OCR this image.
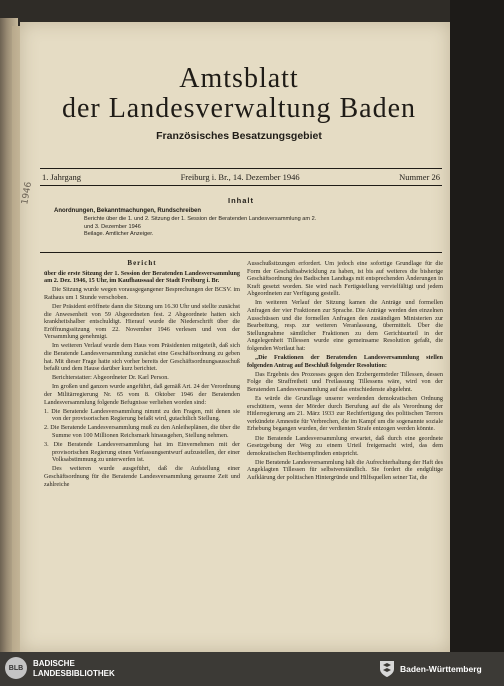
1946
Amtsblatt
der Landesverwaltung Baden
Französisches Besatzungsgebiet
1. Jahrgang	Freiburg i. Br., 14. Dezember 1946	Nummer 26
Inhalt
Anordnungen, Bekanntmachungen, Rundschreiben
Berichte über die 1. und 2. Sitzung der 1. Session der Beratenden Landesversammlung am 2.
und 3. Dezember 1946
Beilage. Amtlicher Anzeiger.

Bericht

über die erste Sitzung der 1. Session der Beratenden Landesversammlung am 2. Dez. 1946, 15 Uhr, im Kaufhaussaal der Stadt Freiburg i. Br.

Die Sitzung wurde wegen vorausgegangener Besprechungen der BCSV. im Rathaus um 1 Stunde verschoben.

Der Präsident eröffnete dann die Sitzung um 16.30 Uhr und stellte zunächst die Anwesenheit von 59 Abgeordneten fest. 2 Abgeordnete hatten sich krankheitshalber entschuldigt. Hierauf wurde die Niederschrift über die Eröffnungssitzung vom 22. November 1946 verlesen und von der Versammlung genehmigt.

Im weiteren Verlauf wurde dem Haus vom Präsidenten mitgeteilt, daß sich die Beratende Landesversammlung zunächst eine Geschäftsordnung zu geben hat. Mit dieser Frage hatte sich vorher bereits der Geschäftsordnungsausschuß befaßt und dem Hause darüber kurz berichtet.

Berichterstatter: Abgeordneter Dr. Karl Person.

Im großen und ganzen wurde angeführt, daß gemäß Art. 24 der Verordnung der Militärregierung Nr. 65 vom 8. Oktober 1946 der Beratenden Landesversammlung folgende Befugnisse verliehen worden sind:

1. Die Beratende Landesversammlung nimmt zu den Fragen, mit denen sie von der provisorischen Regierung befaßt wird, gutachtlich Stellung.

2. Die Beratende Landesversammlung muß zu den Anleiheplänen, die über die Summe von 100 Millionen Reichsmark hinausgehen, Stellung nehmen.

3. Die Beratende Landesversammlung hat im Einvernehmen mit der provisorischen Regierung einen Verfassungsentwurf aufzustellen, der einer Volksabstimmung zu unterwerfen ist.

Des weiteren wurde ausgeführt, daß die Aufstellung einer Geschäftsordnung für die Beratende Landesversammlung geraume Zeit und zahlreiche

Ausschußsitzungen erfordert. Um jedoch eine sofortige Grundlage für die Form der Geschäftsabwicklung zu haben, ist bis auf weiteres die bisherige Geschäftsordnung des Badischen Landtags mit entsprechenden Änderungen in Kraft gesetzt worden. Sie wird nach Fertigstellung vervielfältigt und jedem Abgeordneten zur Verfügung gestellt.

Im weiteren Verlauf der Sitzung kamen die Anträge und formellen Anfragen der vier Fraktionen zur Sprache. Die Anträge werden den einzelnen Ausschüssen und die formellen Anfragen den zuständigen Ministerien zur Bearbeitung, resp. zur weiteren Veranlassung, übermittelt. Über die Stellungnahme sämtlicher Fraktionen zu dem Gerichtsurteil in der Angelegenheit Tillessen wurde eine gemeinsame Resolution gefaßt, die folgenden Wortlaut hat:

„Die Fraktionen der Beratenden Landesversammlung stellen folgenden Antrag auf Beschluß folgender Resolution:

Das Ergebnis des Prozesses gegen den Erzbergermörder Tillessen, dessen Folge die Straffreiheit und Freilassung Tillessens wäre, wird von der Beratenden Landesversammlung auf das entschiedenste abgelehnt.

Es würde die Grundlage unserer werdenden demokratischen Ordnung erschüttern, wenn der Mörder durch Berufung auf die als Verordnung der Hitlerregierung am 21. März 1933 zur Rechtfertigung des politischen Terrors verkündete Amnestie für Verbrechen, die im Kampf um die sogenannte soziale Erhebung begangen wurden, der verdienten Strafe entzogen werden könnte.

Die Beratende Landesversammlung erwartet, daß durch eine geordnete Gesetzgebung der Weg zu einem Urteil freigemacht wird, das dem demokratischen Rechtsempfinden entspricht.

Die Beratende Landesversammlung hält die Aufrechterhaltung der Haft des Angeklagten Tillessen für selbstverständlich. Sie fordert die endgültige Aufklärung der politischen Hintergründe und Hilfsquellen seiner Tat, die

BLB	BADISCHE
LANDESBIBLIOTHEK	Baden-Württemberg
